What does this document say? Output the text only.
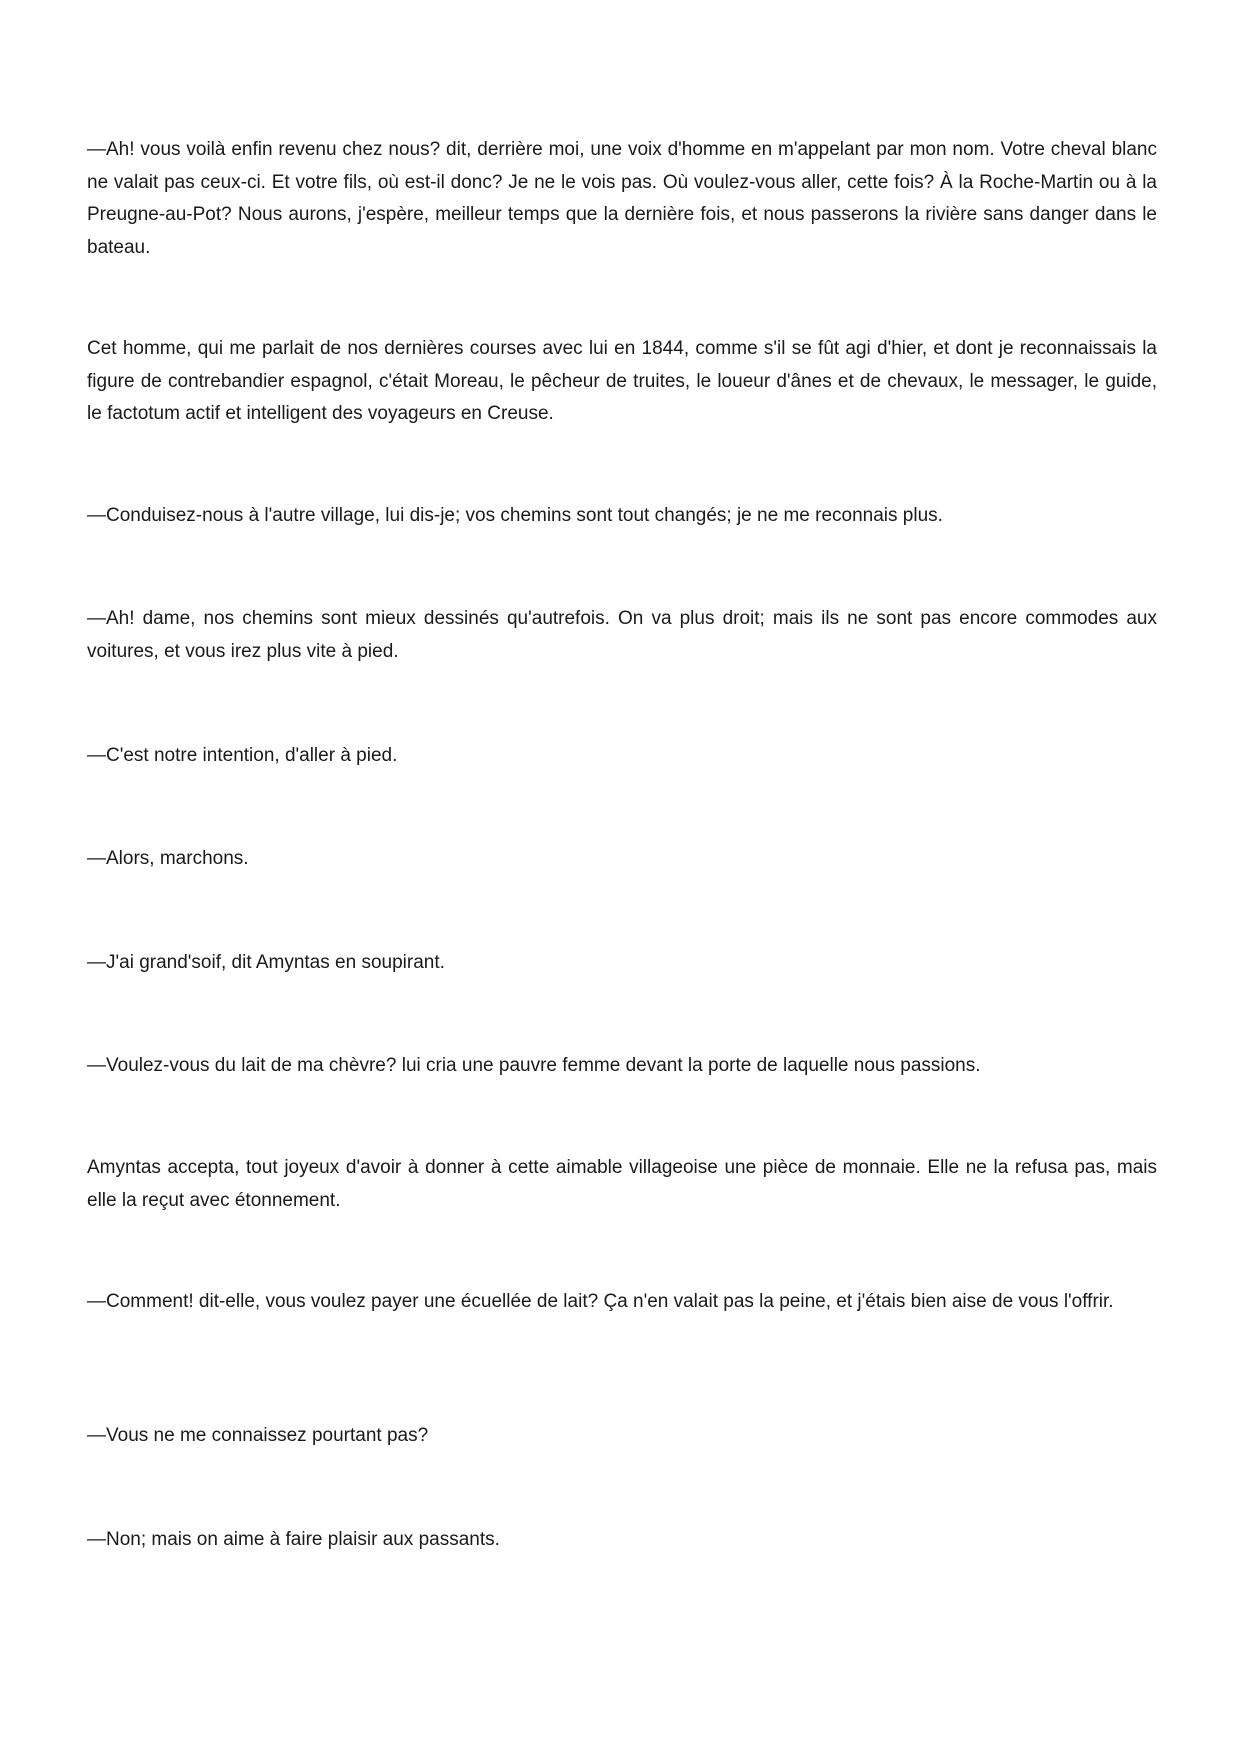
—Ah! vous voilà enfin revenu chez nous? dit, derrière moi, une voix d'homme en m'appelant par mon nom. Votre cheval blanc ne valait pas ceux-ci. Et votre fils, où est-il donc? Je ne le vois pas. Où voulez-vous aller, cette fois? À la Roche-Martin ou à la Preugne-au-Pot? Nous aurons, j'espère, meilleur temps que la dernière fois, et nous passerons la rivière sans danger dans le bateau.

Cet homme, qui me parlait de nos dernières courses avec lui en 1844, comme s'il se fût agi d'hier, et dont je reconnaissais la figure de contrebandier espagnol, c'était Moreau, le pêcheur de truites, le loueur d'ânes et de chevaux, le messager, le guide, le factotum actif et intelligent des voyageurs en Creuse.

—Conduisez-nous à l'autre village, lui dis-je; vos chemins sont tout changés; je ne me reconnais plus.

—Ah! dame, nos chemins sont mieux dessinés qu'autrefois. On va plus droit; mais ils ne sont pas encore commodes aux voitures, et vous irez plus vite à pied.

—C'est notre intention, d'aller à pied.

—Alors, marchons.

—J'ai grand'soif, dit Amyntas en soupirant.

—Voulez-vous du lait de ma chèvre? lui cria une pauvre femme devant la porte de laquelle nous passions.

Amyntas accepta, tout joyeux d'avoir à donner à cette aimable villageoise une pièce de monnaie. Elle ne la refusa pas, mais elle la reçut avec étonnement.

—Comment! dit-elle, vous voulez payer une écuellée de lait? Ça n'en valait pas la peine, et j'étais bien aise de vous l'offrir.

—Vous ne me connaissez pourtant pas?

—Non; mais on aime à faire plaisir aux passants.
